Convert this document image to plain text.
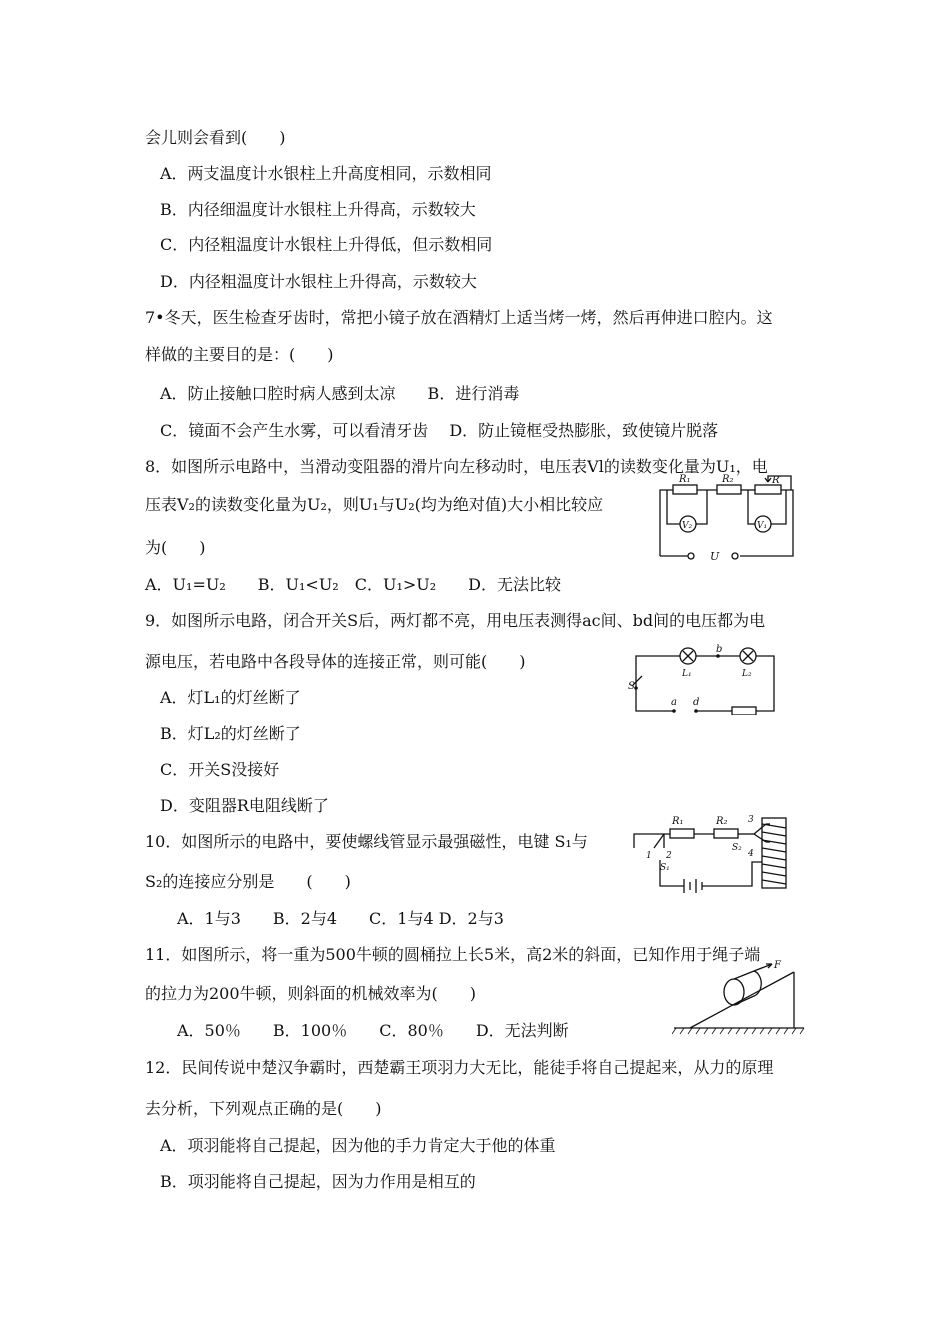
会儿则会看到(　　)
A．两支温度计水银柱上升高度相同，示数相同
B．内径细温度计水银柱上升得高，示数较大
C．内径粗温度计水银柱上升得低，但示数相同
D．内径粗温度计水银柱上升得高，示数较大
7•冬天，医生检查牙齿时，常把小镜子放在酒精灯上适当烤一烤，然后再伸进口腔内。这
样做的主要目的是：(　　)
A．防止接触口腔时病人感到太凉　　B．进行消毒
C．镜面不会产生水雾，可以看清牙齿　 D．防止镜框受热膨胀，致使镜片脱落
8．如图所示电路中，当滑动变阻器的滑片向左移动时，电压表Vl的读数变化量为U₁，电
压表V₂的读数变化量为U₂，则U₁与U₂(均为绝对值)大小相比较应
为(　　)
A．U₁=U₂　　B．U₁<U₂　C．U₁>U₂　　D．无法比较
R₁	R₂	R′
V₂	V₁
U
9．如图所示电路，闭合开关S后，两灯都不亮，用电压表测得ac间、bd间的电压都为电
源电压，若电路中各段导体的连接正常，则可能(　　)
A．灯L₁的灯丝断了
B．灯L₂的灯丝断了
C．开关S没接好
D．变阻器R电阻线断了
b
L₁	L₂
S
a d
10．如图所示的电路中，要使螺线管显示最强磁性，电键 S₁与
S₂的连接应分别是　　(　　)
A．1与3　　B．2与4　　C．1与4 D．2与3
R₁	R₂ 3
4
1 2
S₁
S₂
11．如图所示，将一重为500牛顿的圆桶拉上长5米，高2米的斜面，已知作用于绳子端
的拉力为200牛顿，则斜面的机械效率为(　　)
A．50％　　B．100％　　C．80％　　D．无法判断
F
12．民间传说中楚汉争霸时，西楚霸王项羽力大无比，能徒手将自己提起来，从力的原理
去分析，下列观点正确的是(　　)
A．项羽能将自己提起，因为他的手力肯定大于他的体重
B．项羽能将自己提起，因为力作用是相互的
